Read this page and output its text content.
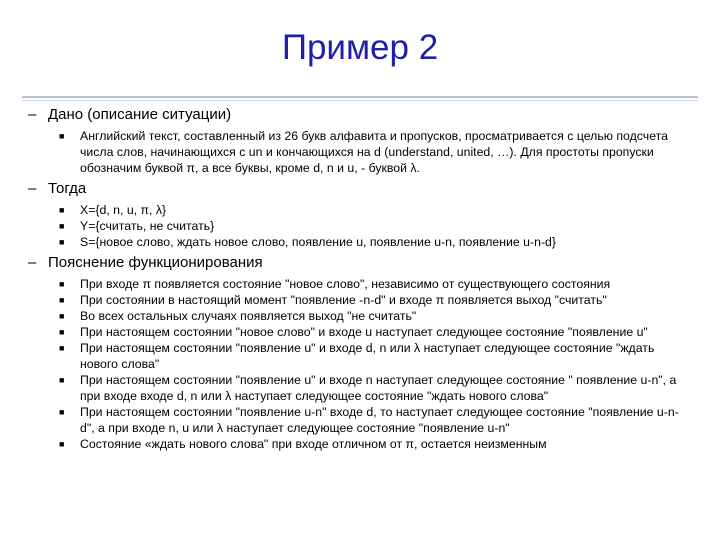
Пример 2
– Дано (описание ситуации)
■ Английский текст, составленный из 26 букв алфавита и пропусков, просматривается с целью подсчета числа слов, начинающихся с un и кончающихся на d (understand, united, …). Для простоты пропуски обозначим буквой π, а все буквы, кроме d, n и u, - буквой λ.
– Тогда
■ X={d, n, u, π, λ}
■ Y={считать, не считать}
■ S={новое слово, ждать новое слово, появление u, появление u-n, появление u-n-d}
– Пояснение функционирования
■ При входе π появляется состояние "новое слово", независимо от существующего состояния
■ При состоянии в настоящий момент "появление -n-d" и входе π появляется выход "считать"
■ Во всех остальных случаях появляется выход "не считать"
■ При настоящем состоянии "новое слово" и входе u наступает следующее состояние "появление u"
■ При настоящем состоянии "появление u" и входе d, n или λ наступает следующее состояние "ждать нового слова"
■ При настоящем состоянии "появление u" и входе n наступает следующее состояние " появление u-n", а при входе входе d, n или λ наступает следующее состояние "ждать нового слова"
■ При настоящем состоянии "появление u-n" входе d, то наступает следующее состояние "появление u-n-d", а при входе n, u или λ наступает следующее состояние "появление u-n"
■ Состояние «ждать нового слова" при входе отличном от π, остается неизменным
